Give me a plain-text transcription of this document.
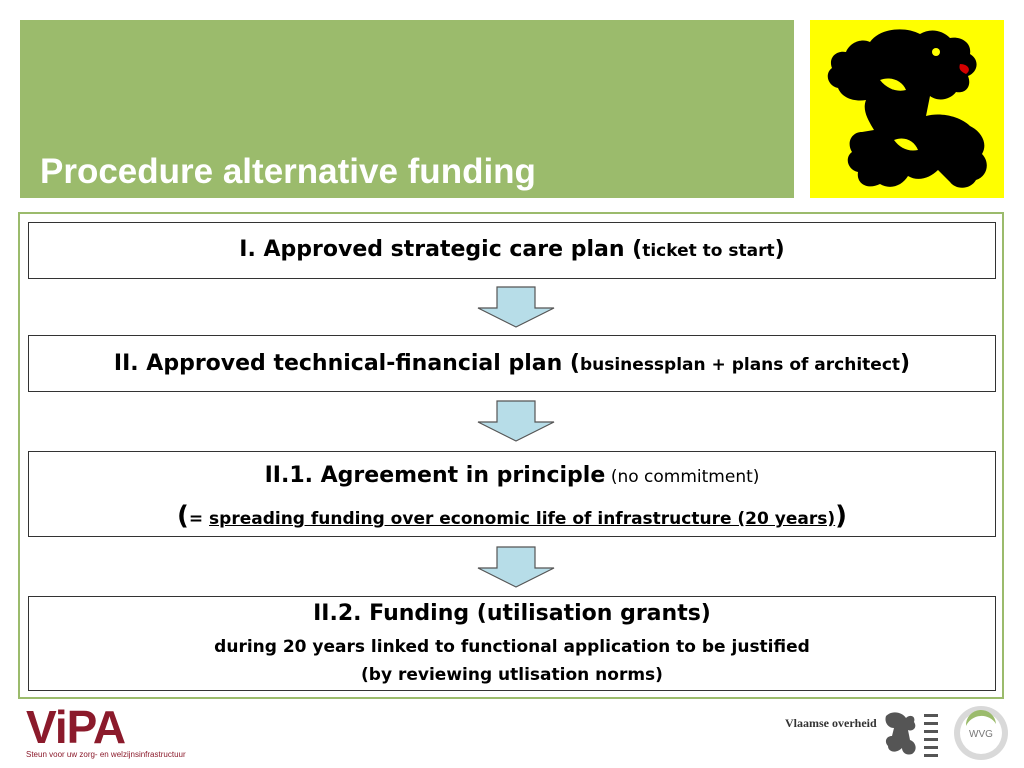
Procedure alternative funding
I. Approved strategic care plan (ticket to start)
II. Approved technical-financial plan (businessplan + plans of architect)
II.1. Agreement in principle (no commitment)
(= spreading funding over economic life of infrastructure (20 years))
II.2. Funding (utilisation grants)
during 20 years linked to functional application to be justified
(by reviewing utlisation norms)
ViPA
Steun voor uw zorg- en welzijnsinfrastructuur
Vlaamse overheid
WVG
